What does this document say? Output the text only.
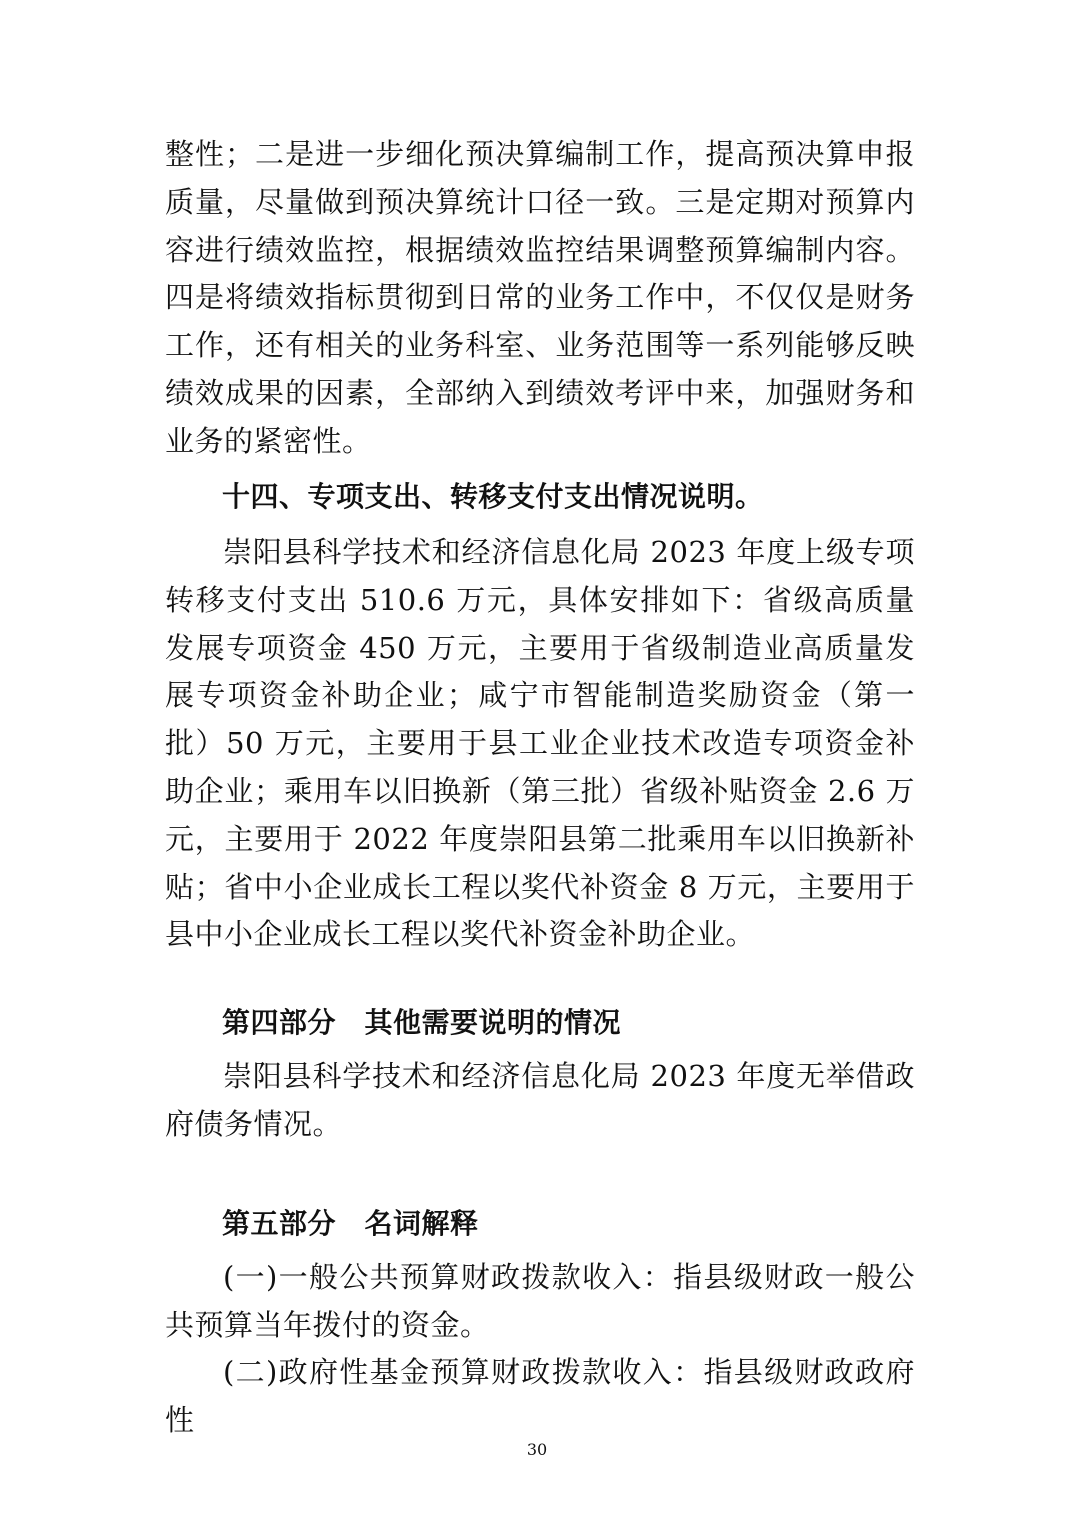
整性；二是进一步细化预决算编制工作，提高预决算申报质量，尽量做到预决算统计口径一致。三是定期对预算内容进行绩效监控，根据绩效监控结果调整预算编制内容。四是将绩效指标贯彻到日常的业务工作中，不仅仅是财务工作，还有相关的业务科室、业务范围等一系列能够反映绩效成果的因素，全部纳入到绩效考评中来，加强财务和业务的紧密性。

十四、专项支出、转移支付支出情况说明。

崇阳县科学技术和经济信息化局 2023 年度上级专项转移支付支出 510.6 万元，具体安排如下：省级高质量发展专项资金 450 万元，主要用于省级制造业高质量发展专项资金补助企业；咸宁市智能制造奖励资金（第一批）50 万元，主要用于县工业企业技术改造专项资金补助企业；乘用车以旧换新（第三批）省级补贴资金 2.6 万元，主要用于 2022 年度崇阳县第二批乘用车以旧换新补贴；省中小企业成长工程以奖代补资金 8 万元，主要用于县中小企业成长工程以奖代补资金补助企业。

第四部分　其他需要说明的情况

崇阳县科学技术和经济信息化局 2023 年度无举借政府债务情况。

第五部分　名词解释

(一)一般公共预算财政拨款收入：指县级财政一般公共预算当年拨付的资金。

(二)政府性基金预算财政拨款收入：指县级财政政府性

30
